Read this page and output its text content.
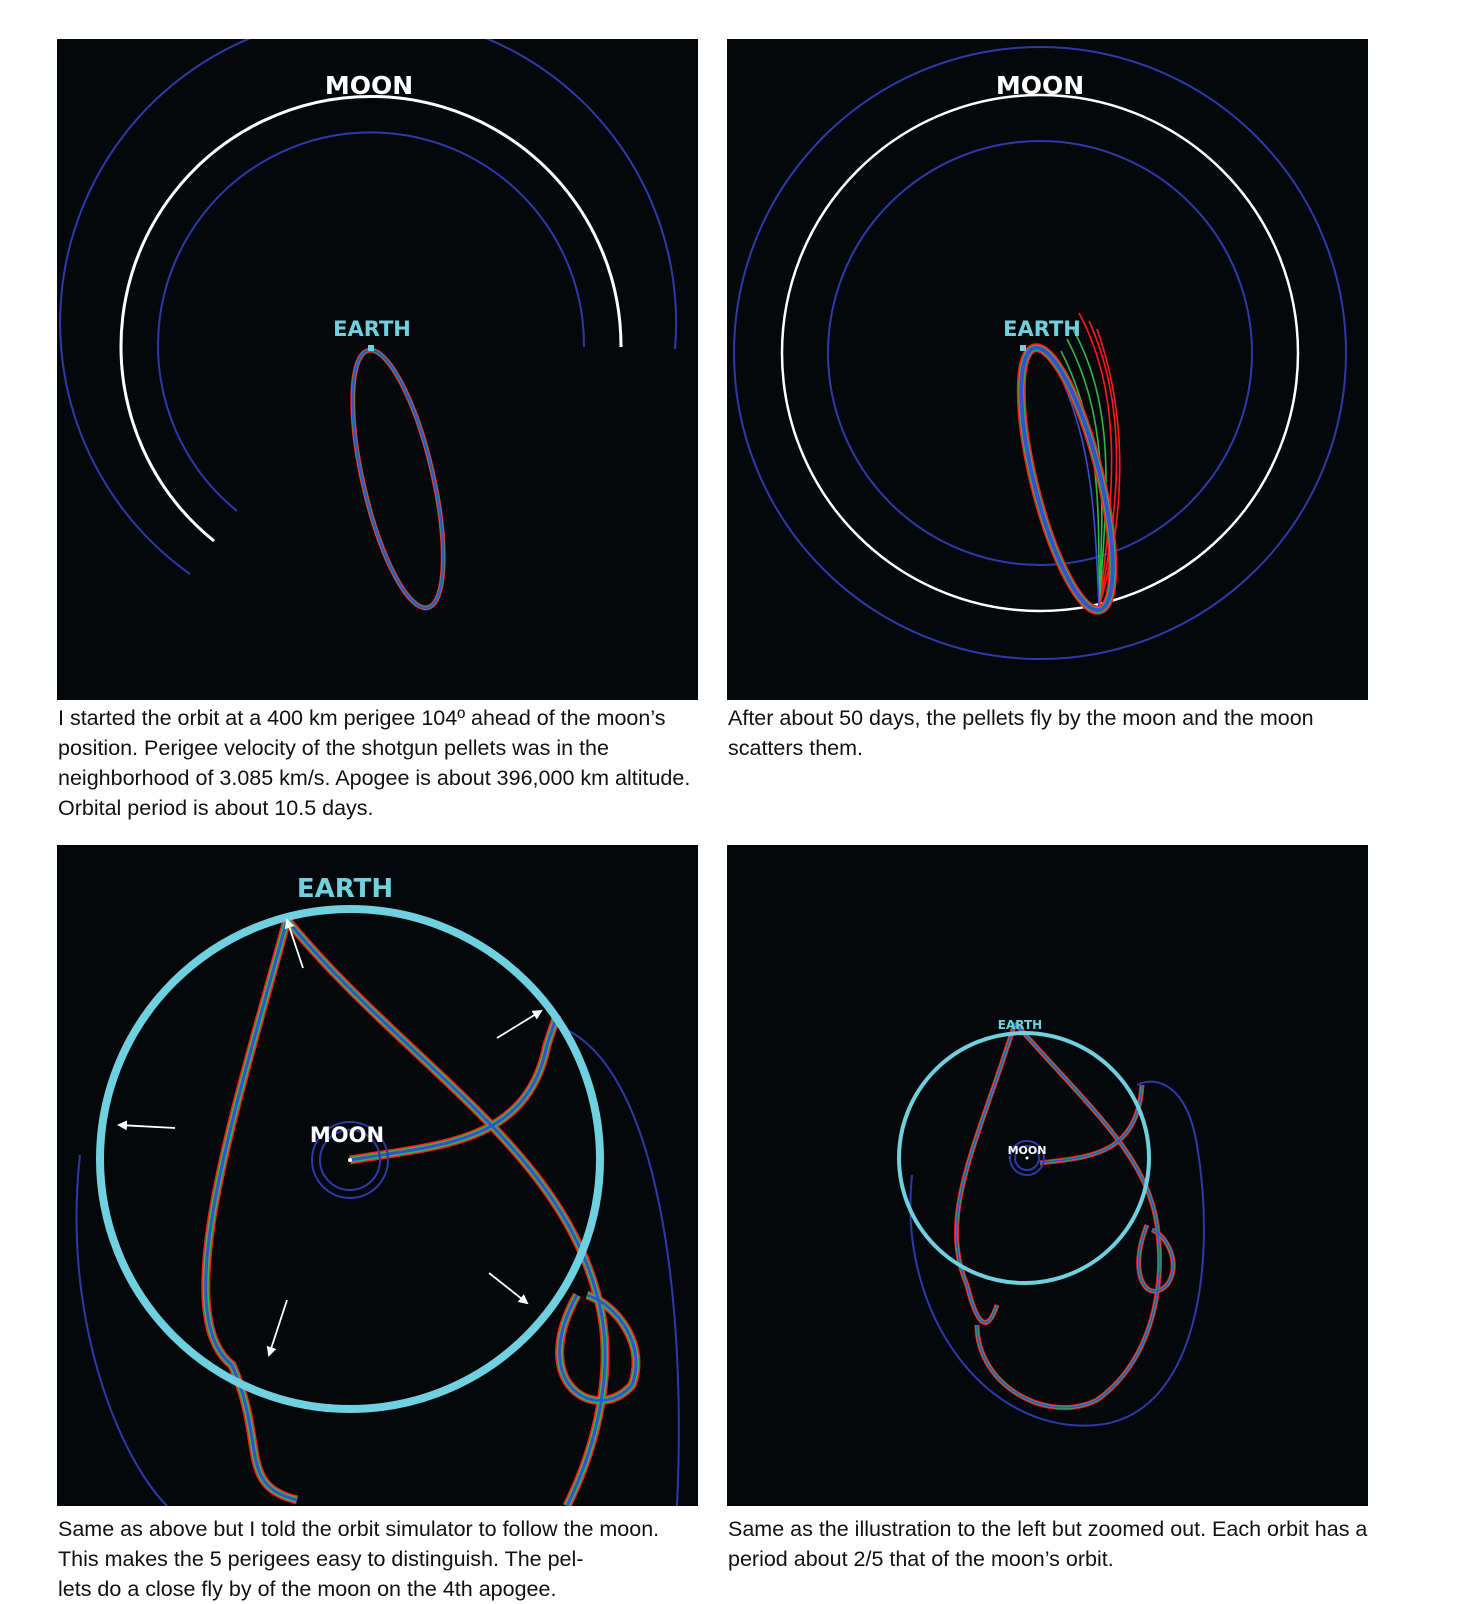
MOON
EARTH
I started the orbit at a 400 km perigee 104º ahead of the moon’s position. Perigee velocity of the shotgun pellets was in the neighborhood of 3.085 km/s. Apogee is about 396,000 km altitude. Orbital period is about 10.5 days.
MOON
EARTH
After about 50 days, the pellets fly by the moon and the moon scatters them.
EARTH
MOON
Same as above but I told the orbit simulator to follow the moon. This makes the 5 perigees easy to distinguish. The pel-
lets do a close fly by of the moon on the 4th apogee.
EARTH
MOON
Same as the illustration to the left but zoomed out. Each orbit has a period about 2/5 that of the moon’s orbit.
